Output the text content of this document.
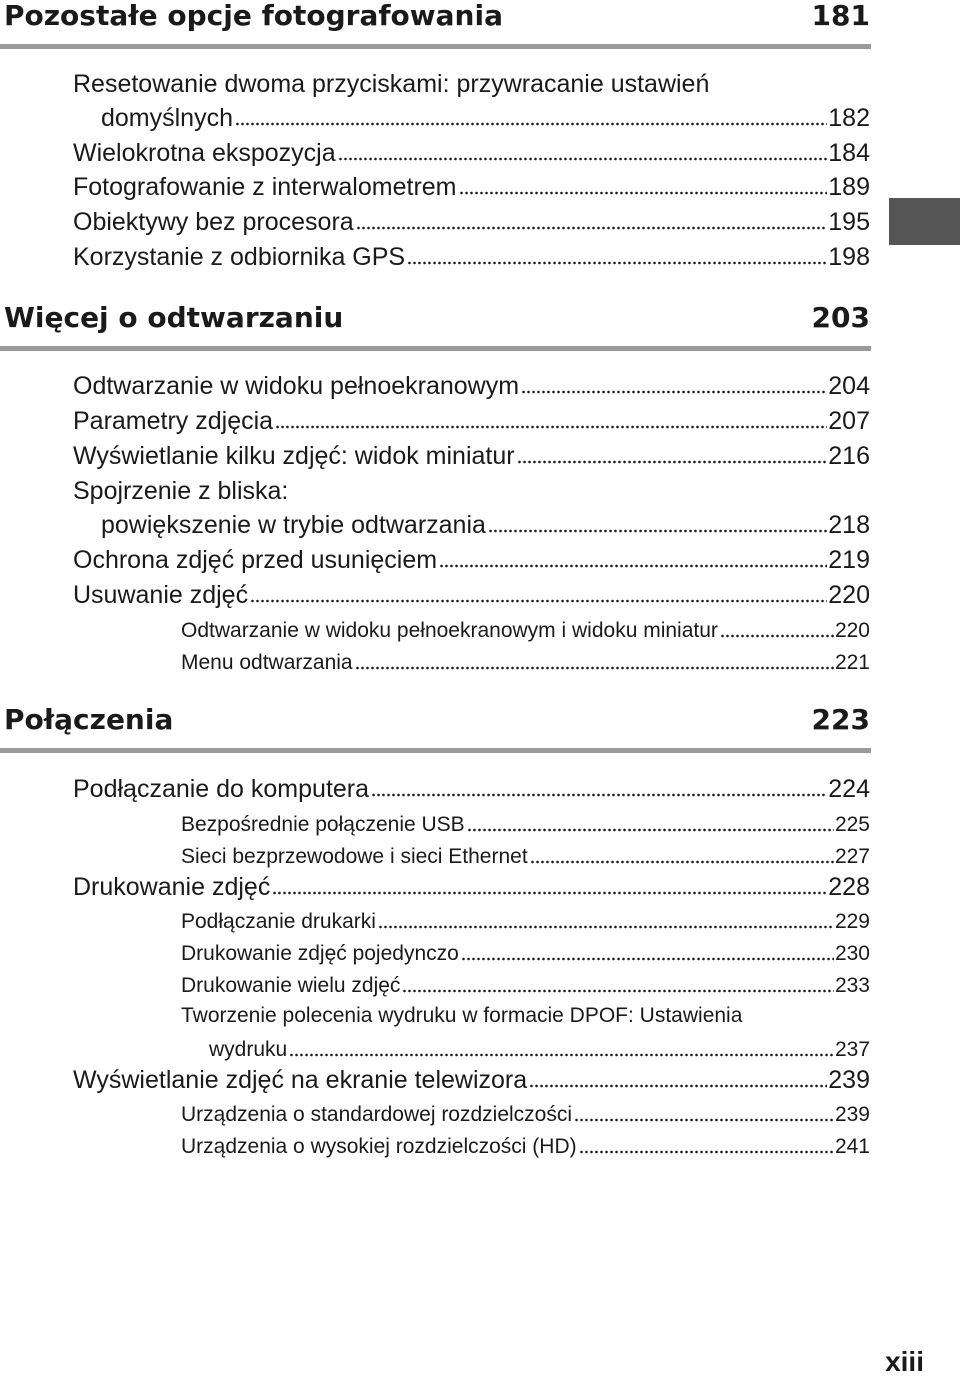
Pozostałe opcje fotografowania	181
Resetowanie dwoma przyciskami: przywracanie ustawień
domyślnych	182
Wielokrotna ekspozycja	184
Fotografowanie z interwalometrem	189
Obiektywy bez procesora	195
Korzystanie z odbiornika GPS	198
Więcej o odtwarzaniu	203
Odtwarzanie w widoku pełnoekranowym	204
Parametry zdjęcia	207
Wyświetlanie kilku zdjęć: widok miniatur	216
Spojrzenie z bliska:
powiększenie w trybie odtwarzania	218
Ochrona zdjęć przed usunięciem	219
Usuwanie zdjęć	220
Odtwarzanie w widoku pełnoekranowym i widoku miniatur	220
Menu odtwarzania	221
Połączenia	223
Podłączanie do komputera	224
Bezpośrednie połączenie USB	225
Sieci bezprzewodowe i sieci Ethernet	227
Drukowanie zdjęć	228
Podłączanie drukarki	229
Drukowanie zdjęć pojedynczo	230
Drukowanie wielu zdjęć	233
Tworzenie polecenia wydruku w formacie DPOF: Ustawienia
wydruku	237
Wyświetlanie zdjęć na ekranie telewizora	239
Urządzenia o standardowej rozdzielczości	239
Urządzenia o wysokiej rozdzielczości (HD)	241
xiii
